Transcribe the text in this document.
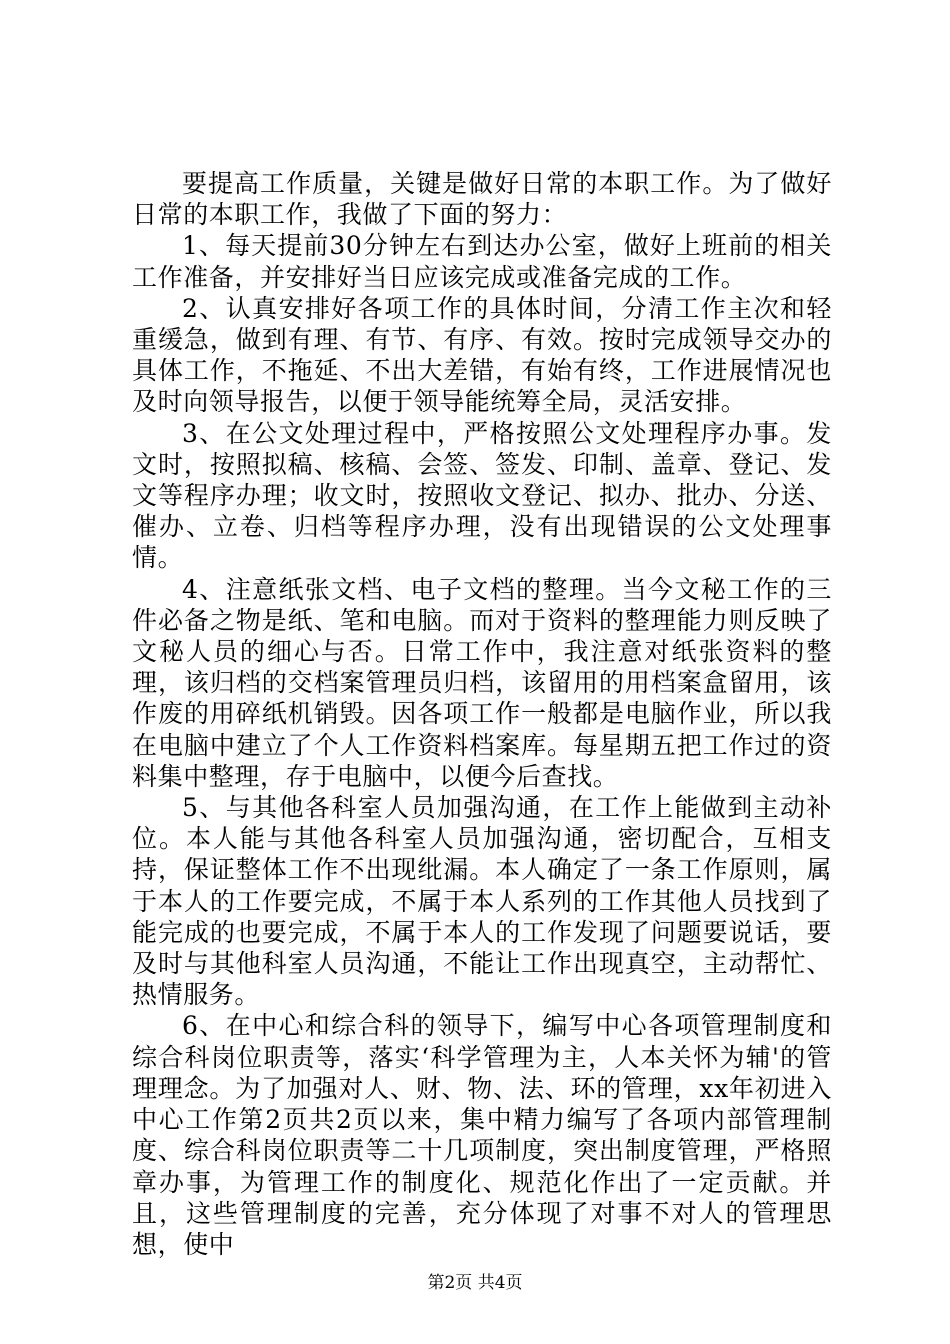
要提高工作质量，关键是做好日常的本职工作。为了做好日常的本职工作，我做了下面的努力：

1、每天提前30分钟左右到达办公室，做好上班前的相关工作准备，并安排好当日应该完成或准备完成的工作。

2、认真安排好各项工作的具体时间，分清工作主次和轻重缓急，做到有理、有节、有序、有效。按时完成领导交办的具体工作，不拖延、不出大差错，有始有终，工作进展情况也及时向领导报告，以便于领导能统筹全局，灵活安排。

3、在公文处理过程中，严格按照公文处理程序办事。发文时，按照拟稿、核稿、会签、签发、印制、盖章、登记、发文等程序办理；收文时，按照收文登记、拟办、批办、分送、催办、立卷、归档等程序办理，没有出现错误的公文处理事情。

4、注意纸张文档、电子文档的整理。当今文秘工作的三件必备之物是纸、笔和电脑。而对于资料的整理能力则反映了文秘人员的细心与否。日常工作中，我注意对纸张资料的整理，该归档的交档案管理员归档，该留用的用档案盒留用，该作废的用碎纸机销毁。因各项工作一般都是电脑作业，所以我在电脑中建立了个人工作资料档案库。每星期五把工作过的资料集中整理，存于电脑中，以便今后查找。

5、与其他各科室人员加强沟通，在工作上能做到主动补位。本人能与其他各科室人员加强沟通，密切配合，互相支持，保证整体工作不出现纰漏。本人确定了一条工作原则，属于本人的工作要完成，不属于本人系列的工作其他人员找到了能完成的也要完成，不属于本人的工作发现了问题要说话，要及时与其他科室人员沟通，不能让工作出现真空，主动帮忙、热情服务。

6、在中心和综合科的领导下，编写中心各项管理制度和综合科岗位职责等，落实‘科学管理为主，人本关怀为辅'的管理理念。为了加强对人、财、物、法、环的管理，xx年初进入中心工作第2页共2页以来，集中精力编写了各项内部管理制度、综合科岗位职责等二十几项制度，突出制度管理，严格照章办事，为管理工作的制度化、规范化作出了一定贡献。并且，这些管理制度的完善，充分体现了对事不对人的管理思想，使中

第2页 共4页
